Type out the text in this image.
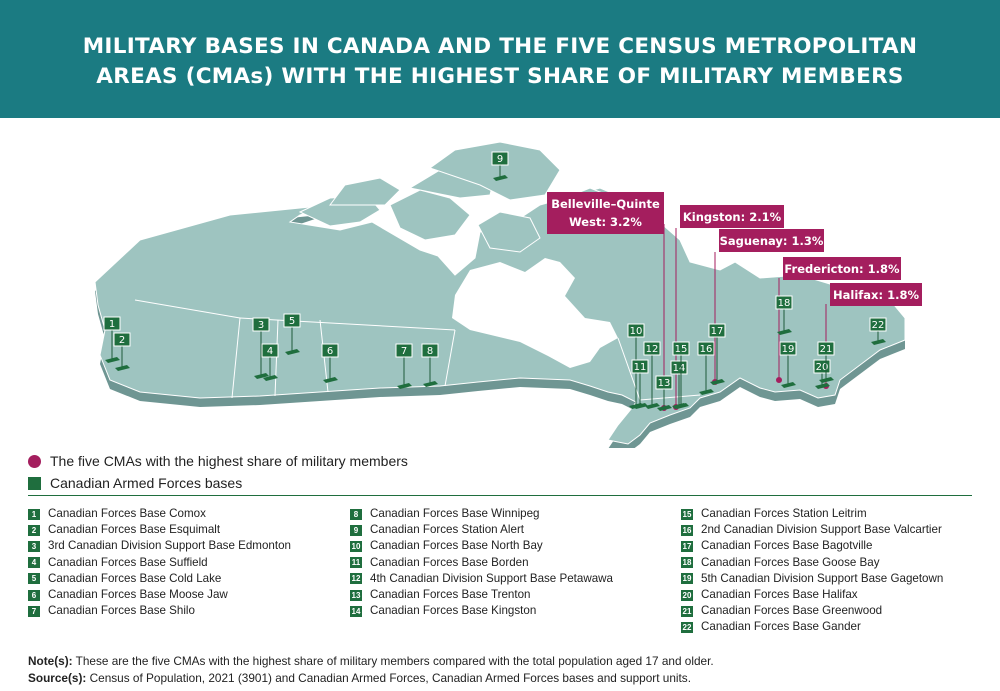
MILITARY BASES IN CANADA AND THE FIVE CENSUS METROPOLITAN
AREAS (CMAs) WITH THE HIGHEST SHARE OF MILITARY MEMBERS
Belleville–Quinte
West: 3.2%	Kingston: 2.1%
Saguenay: 1.3%
Fredericton: 1.8%
Halifax: 1.8%
1
2
3
4
5
6	7 8
9
10
11
12
13
14
15 16
17
18
19
20
21
22
The five CMAs with the highest share of military members
Canadian Armed Forces bases
1	Canadian Forces Base Comox
2	Canadian Forces Base Esquimalt
3	3rd Canadian Division Support Base Edmonton
4	Canadian Forces Base Suffield
5	Canadian Forces Base Cold Lake
6	Canadian Forces Base Moose Jaw
7	Canadian Forces Base Shilo
8	Canadian Forces Base Winnipeg
9	Canadian Forces Station Alert
10 Canadian Forces Base North Bay
11 Canadian Forces Base Borden
12 4th Canadian Division Support Base Petawawa
13 Canadian Forces Base Trenton
14 Canadian Forces Base Kingston
15 Canadian Forces Station Leitrim
16 2nd Canadian Division Support Base Valcartier
17 Canadian Forces Base Bagotville
18 Canadian Forces Base Goose Bay
19 5th Canadian Division Support Base Gagetown
20 Canadian Forces Base Halifax
21 Canadian Forces Base Greenwood
22 Canadian Forces Base Gander
Note(s): These are the five CMAs with the highest share of military members compared with the total population aged 17 and older.
Source(s): Census of Population, 2021 (3901) and Canadian Armed Forces, Canadian Armed Forces bases and support units.
